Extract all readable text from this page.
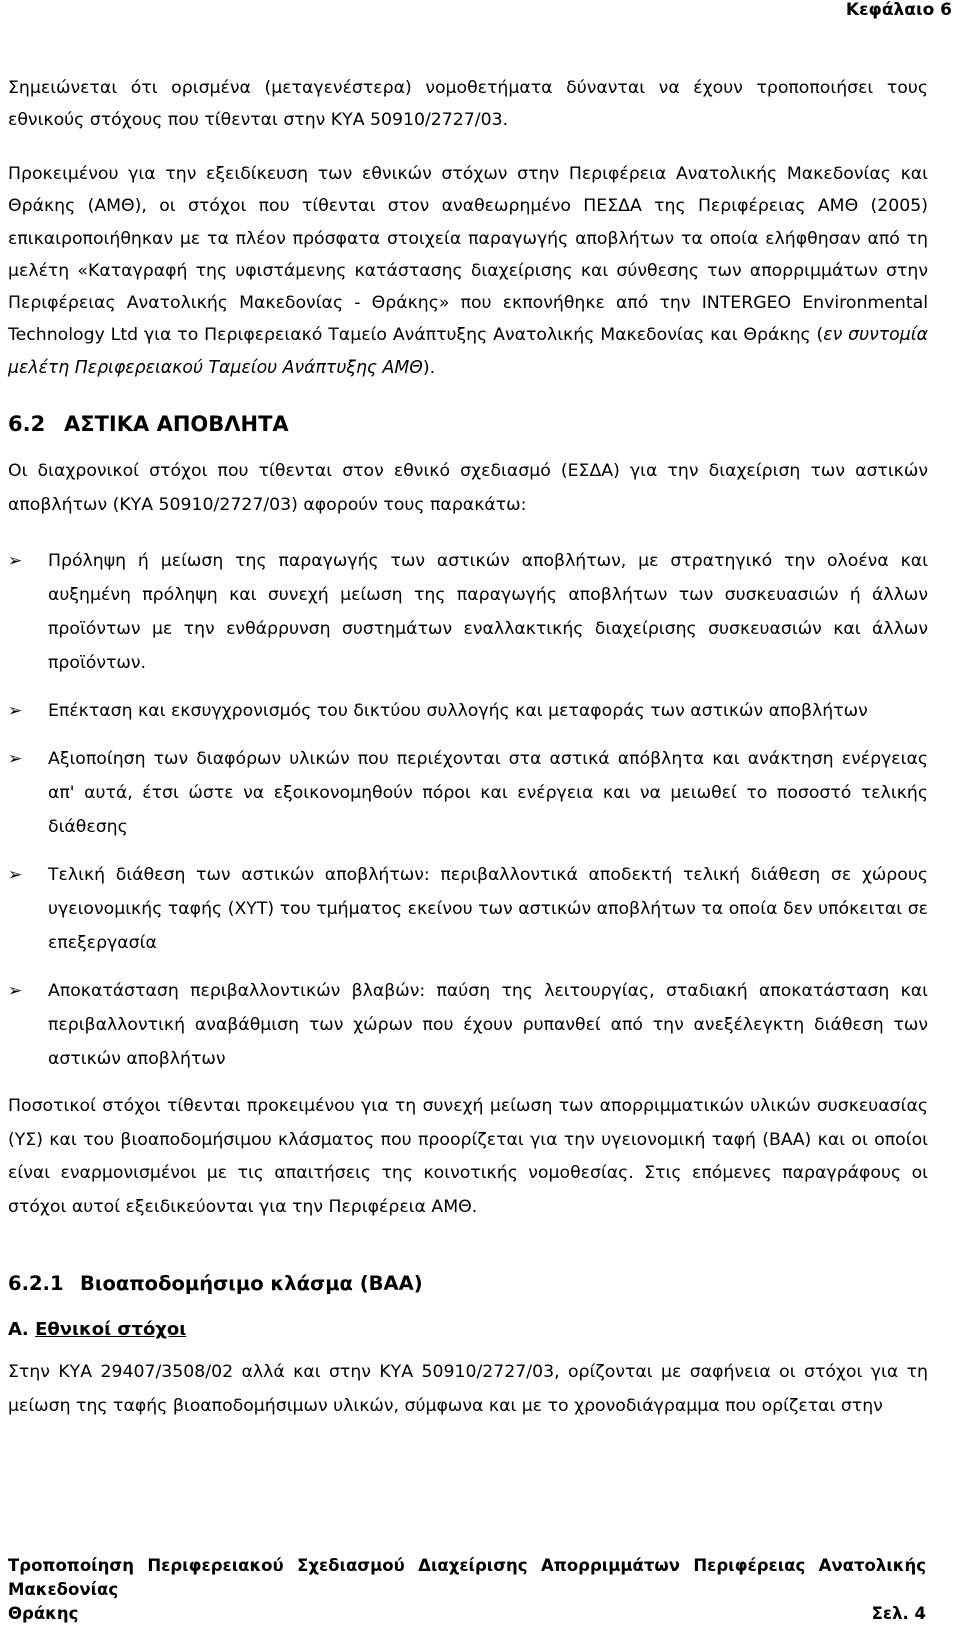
Κεφάλαιο 6

Σημειώνεται ότι ορισμένα (μεταγενέστερα) νομοθετήματα δύνανται να έχουν τροποποιήσει τους εθνικούς στόχους που τίθενται στην ΚΥΑ 50910/2727/03.

Προκειμένου για την εξειδίκευση των εθνικών στόχων στην Περιφέρεια Ανατολικής Μακεδονίας και Θράκης (ΑΜΘ), οι στόχοι που τίθενται στον αναθεωρημένο ΠΕΣΔΑ της Περιφέρειας ΑΜΘ (2005) επικαιροποιήθηκαν με τα πλέον πρόσφατα στοιχεία παραγωγής αποβλήτων τα οποία ελήφθησαν από τη μελέτη «Καταγραφή της υφιστάμενης κατάστασης διαχείρισης και σύνθεσης των απορριμμάτων στην Περιφέρειας Ανατολικής Μακεδονίας - Θράκης» που εκπονήθηκε από την INTERGEO Environmental Technology Ltd για το Περιφερειακό Ταμείο Ανάπτυξης Ανατολικής Μακεδονίας και Θράκης (εν συντομία μελέτη Περιφερειακού Ταμείου Ανάπτυξης ΑΜΘ).

6.2 ΑΣΤΙΚΑ ΑΠΟΒΛΗΤΑ

Οι διαχρονικοί στόχοι που τίθενται στον εθνικό σχεδιασμό (ΕΣΔΑ) για την διαχείριση των αστικών αποβλήτων (ΚΥΑ 50910/2727/03) αφορούν τους παρακάτω:

➢	Πρόληψη ή μείωση της παραγωγής των αστικών αποβλήτων, με στρατηγικό την ολοένα και αυξημένη πρόληψη και συνεχή μείωση της παραγωγής αποβλήτων των συσκευασιών ή άλλων προϊόντων με την ενθάρρυνση συστημάτων εναλλακτικής διαχείρισης συσκευασιών και άλλων προϊόντων.
➢	Επέκταση και εκσυγχρονισμός του δικτύου συλλογής και μεταφοράς των αστικών αποβλήτων
➢	Αξιοποίηση των διαφόρων υλικών που περιέχονται στα αστικά απόβλητα και ανάκτηση ενέργειας απ' αυτά, έτσι ώστε να εξοικονομηθούν πόροι και ενέργεια και να μειωθεί το ποσοστό τελικής διάθεσης
➢	Τελική διάθεση των αστικών αποβλήτων: περιβαλλοντικά αποδεκτή τελική διάθεση σε χώρους υγειονομικής ταφής (ΧΥΤ) του τμήματος εκείνου των αστικών αποβλήτων τα οποία δεν υπόκειται σε επεξεργασία
➢	Αποκατάσταση περιβαλλοντικών βλαβών: παύση της λειτουργίας, σταδιακή αποκατάσταση και περιβαλλοντική αναβάθμιση των χώρων που έχουν ρυπανθεί από την ανεξέλεγκτη διάθεση των αστικών αποβλήτων

Ποσοτικοί στόχοι τίθενται προκειμένου για τη συνεχή μείωση των απορριμματικών υλικών συσκευασίας (ΥΣ) και του βιοαποδομήσιμου κλάσματος που προορίζεται για την υγειονομική ταφή (ΒΑΑ) και οι οποίοι είναι εναρμονισμένοι με τις απαιτήσεις της κοινοτικής νομοθεσίας. Στις επόμενες παραγράφους οι στόχοι αυτοί εξειδικεύονται για την Περιφέρεια ΑΜΘ.

6.2.1 Βιοαποδομήσιμο κλάσμα (ΒΑΑ)
Α. Εθνικοί στόχοι

Στην ΚΥΑ 29407/3508/02 αλλά και στην ΚΥΑ 50910/2727/03, ορίζονται με σαφήνεια οι στόχοι για τη μείωση της ταφής βιοαποδομήσιμων υλικών, σύμφωνα και με το χρονοδιάγραμμα που ορίζεται στην

Τροποποίηση Περιφερειακού Σχεδιασμού Διαχείρισης Απορριμμάτων Περιφέρειας Ανατολικής Μακεδονίας
Θράκης	Σελ. 4
